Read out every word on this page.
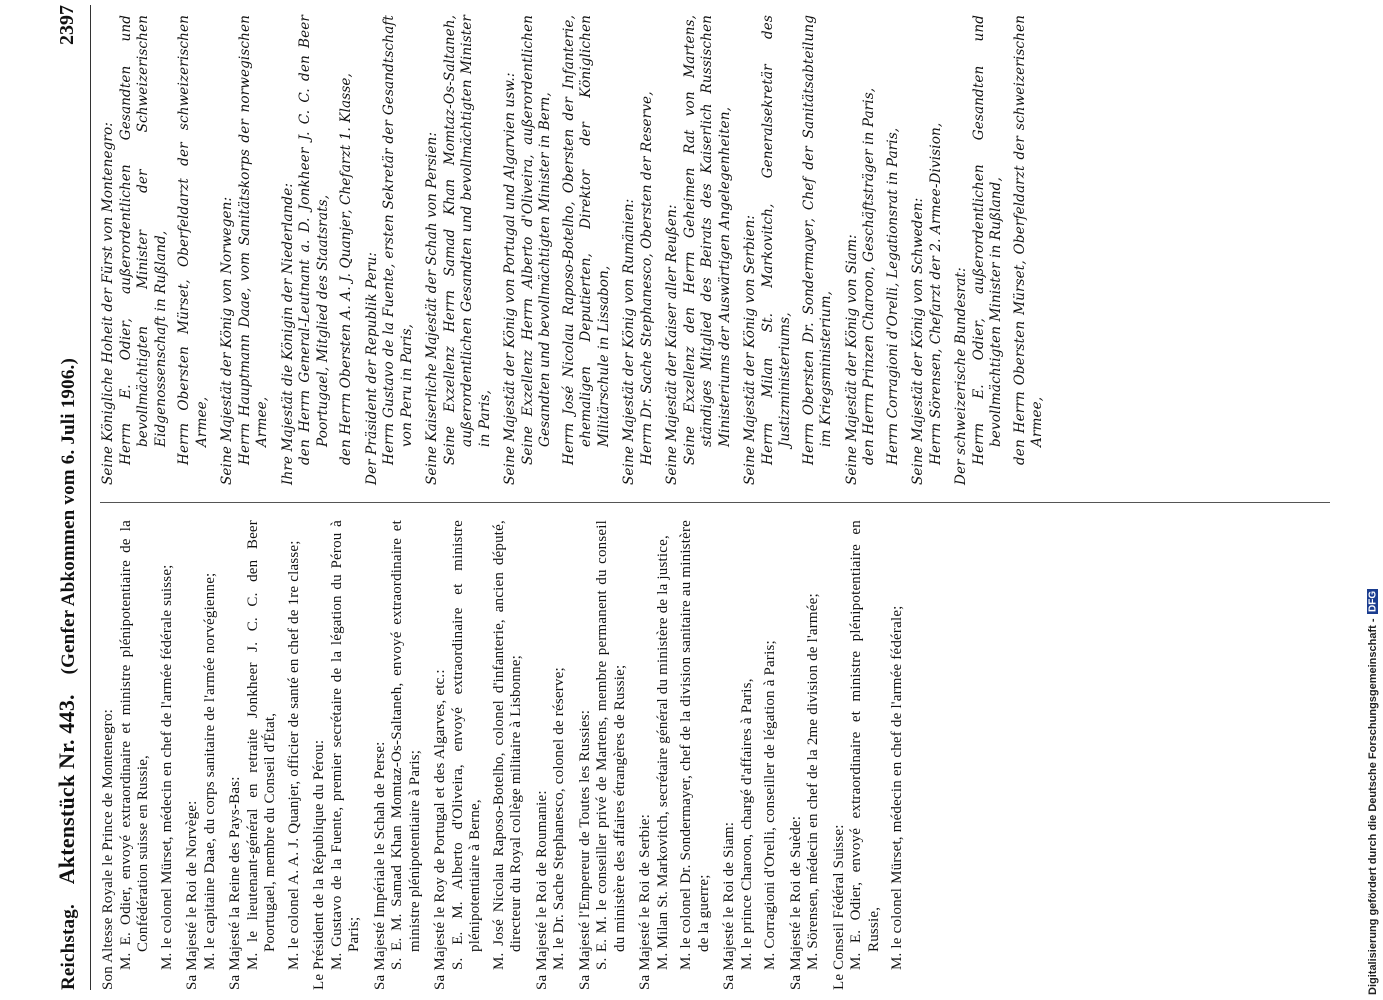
Reichstag.    Aktenstück Nr. 443.    (Genfer Abkommen vom 6. Juli 1906.)
2397

Son Altesse Royale le Prince de Montenegro: M. E. Odier, envoyé extraordinaire et ministre plénipotentiaire de la Confédération suisse en Russie, M. le colonel Mürset, médecin en chef de l'armée fédérale suisse; Sa Majesté le Roi de Norvège: M. le capitaine Daae, du corps sanitaire de l'armée norvégienne; Sa Majesté la Reine des Pays-Bas: M. le lieutenant-général en retraite Jonkheer J. C. C. den Beer Poortugael, membre du Conseil d'État, M. le colonel A. A. J. Quanjer, officier de santé en chef de 1re classe; Le Président de la République du Pérou: M. Gustavo de la Fuente, premier secrétaire de la légation du Pérou à Paris; Sa Majesté Impériale le Schah de Perse: S. E. M. Samad Khan Momtaz-Os-Saltaneh, envoyé extraordinaire et ministre plénipotentiaire à Paris; Sa Majesté le Roy de Portugal et des Algarves, etc.: S. E. M. Alberto d'Oliveira, envoyé extraordinaire et ministre plénipotentiaire à Berne, M. José Nicolau Raposo-Botelho, colonel d'infanterie, ancien député, directeur du Royal collège militaire à Lisbonne; Sa Majesté le Roi de Roumanie: M. le Dr. Sache Stephanesco, colonel de réserve; Sa Majesté l'Empereur de Toutes les Russies: S. E. M. le conseiller privé de Martens, membre permanent du conseil du ministère des affaires étrangères de Russie; Sa Majesté le Roi de Serbie: M. Milan St. Markovitch, secrétaire général du ministère de la justice, M. le colonel Dr. Sondermayer, chef de la division sanitaire au ministère de la guerre; Sa Majesté le Roi de Siam: M. le prince Charoon, chargé d'affaires à Paris, M. Corragioni d'Orelli, conseiller de légation à Paris; Sa Majesté le Roi de Suède: M. Sörensen, médecin en chef de la 2me division de l'armée; Le Conseil Fédéral Suisse: M. E. Odier, envoyé extraordinaire et ministre plénipotentiaire en Russie, M. le colonel Mürset, médecin en chef de l'armée fédérale;

Seine Königliche Hoheit der Fürst von Montenegro: Herrn E. Odier, außerordentlichen Gesandten und bevollmächtigten Minister der Schweizerischen Eidgenossenschaft in Rußland, Herrn Obersten Mürset, Oberfeldarzt der schweizerischen Armee, Seine Majestät der König von Norwegen: Herrn Hauptmann Daae, vom Sanitätskorps der norwegischen Armee, Ihre Majestät die Königin der Niederlande: den Herrn General-Leutnant a. D. Jonkheer J. C. C. den Beer Poortugael, Mitglied des Staatsrats, den Herrn Obersten A. A. J. Quanjer, Chefarzt 1. Klasse, Der Präsident der Republik Peru: Herrn Gustavo de la Fuente, ersten Sekretär der Gesandtschaft von Peru in Paris, Seine Kaiserliche Majestät der Schah von Persien: Seine Exzellenz Herrn Samad Khan Momtaz-Os-Saltaneh, außerordentlichen Gesandten und bevollmächtigten Minister in Paris, Seine Majestät der König von Portugal und Algarvien usw.: Seine Exzellenz Herrn Alberto d'Oliveira, außerordentlichen Gesandten und bevollmächtigten Minister in Bern, Herrn José Nicolau Raposo-Botelho, Obersten der Infanterie, ehemaligen Deputierten, Direktor der Königlichen Militärschule in Lissabon, Seine Majestät der König von Rumänien: Herrn Dr. Sache Stephanesco, Obersten der Reserve, Seine Majestät der Kaiser aller Reußen: Seine Exzellenz den Herrn Geheimen Rat von Martens, ständiges Mitglied des Beirats des Kaiserlich Russischen Ministeriums der Auswärtigen Angelegenheiten, Seine Majestät der König von Serbien: Herrn Milan St. Markovitch, Generalsekretär des Justizministeriums, Herrn Obersten Dr. Sondermayer, Chef der Sanitätsabteilung im Kriegsministerium, Seine Majestät der König von Siam: den Herrn Prinzen Charoon, Geschäftsträger in Paris, Herrn Corragioni d'Orelli, Legationsrat in Paris, Seine Majestät der König von Schweden: Herrn Sörensen, Chefarzt der 2. Armee-Division, Der schweizerische Bundesrat: Herrn E. Odier, außerordentlichen Gesandten und bevollmächtigten Minister in Rußland, den Herrn Obersten Mürset, Oberfeldarzt der schweizerischen Armee,

Digitalisierung gefördert durch die Deutsche Forschungsgemeinschaft -
DFG
